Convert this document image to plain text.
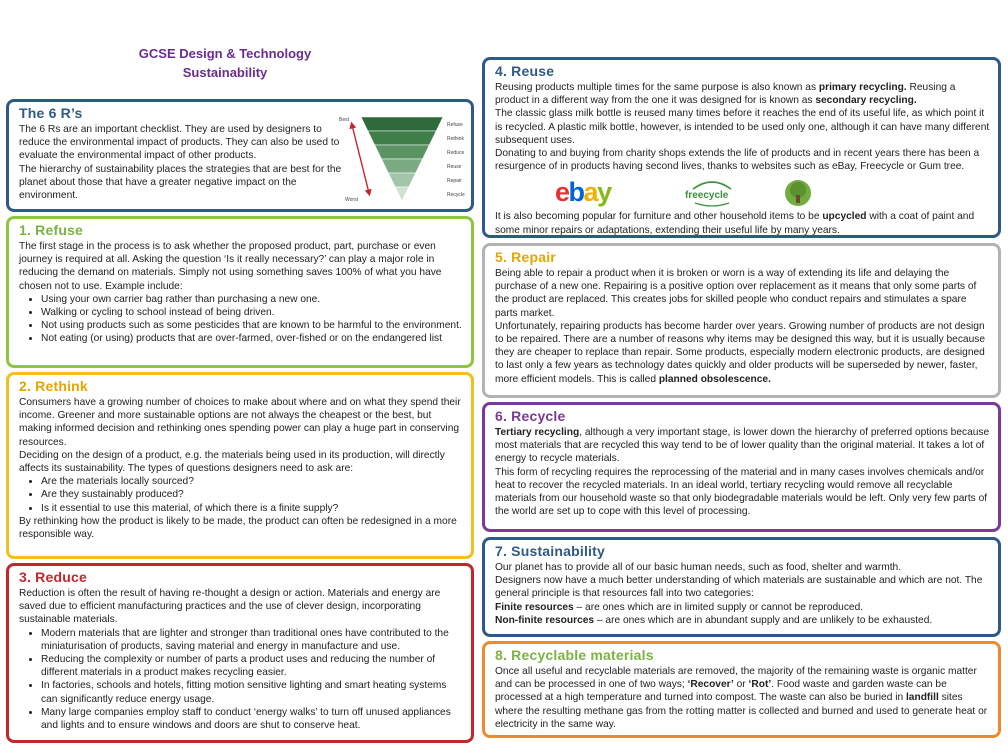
GCSE Design & Technology
Sustainability
The 6 R’s

The 6 Rs are an important checklist. They are used by designers to reduce the environmental impact of products. They can also be used to evaluate the environmental impact of other products.

The hierarchy of sustainability places the strategies that are best for the planet about those that have a greater negative impact on the environment.

Best
Worst
Refuse
Rethink
Reduce
Reuse
Repair
Recycle
1. Refuse

The first stage in the process is to ask whether the proposed product, part, purchase or even journey is required at all. Asking the question ‘Is it really necessary?’ can play a major role in reducing the demand on materials. Simply not using something saves 100% of what you have chosen not to use. Example include:

• Using your own carrier bag rather than purchasing a new one.
• Walking or cycling to school instead of being driven.
• Not using products such as some pesticides that are known to be harmful to the environment.
• Not eating (or using) products that are over-farmed, over-fished or on the endangered list
2. Rethink

Consumers have a growing number of choices to make about where and on what they spend their income. Greener and more sustainable options are not always the cheapest or the best, but making informed decision and rethinking ones spending power can play a huge part in conserving resources.

Deciding on the design of a product, e.g. the materials being used in its production, will directly affects its sustainability. The types of questions designers need to ask are:

• Are the materials locally sourced?
• Are they sustainably produced?
• Is it essential to use this material, of which there is a finite supply?

By rethinking how the product is likely to be made, the product can often be redesigned in a more responsible way.

3. Reduce

Reduction is often the result of having re-thought a design or action. Materials and energy are saved due to efficient manufacturing practices and the use of clever design, incorporating sustainable materials.

• Modern materials that are lighter and stronger than traditional ones have contributed to the miniaturisation of products, saving material and energy in manufacture and use.
• Reducing the complexity or number of parts a product uses and reducing the number of different materials in a product makes recycling easier.
• In factories, schools and hotels, fitting motion sensitive lighting and smart heating systems can significantly reduce energy usage.
• Many large companies employ staff to conduct ‘energy walks’ to turn off unused appliances and lights and to ensure windows and doors are shut to conserve heat.
4. Reuse

Reusing products multiple times for the same purpose is also known as primary recycling. Reusing a product in a different way from the one it was designed for is known as secondary recycling.

The classic glass milk bottle is reused many times before it reaches the end of its useful life, as which point it is recycled. A plastic milk bottle, however, is intended to be used only one, although it can have many different subsequent uses.

Donating to and buying from charity shops extends the life of products and in recent years there has been a resurgence of in products having second lives, thanks to websites such as eBay, Freecycle or Gum tree.

ebay	freecycle

It is also becoming popular for furniture and other household items to be upcycled with a coat of paint and some minor repairs or adaptations, extending their useful life by many years.

5. Repair

Being able to repair a product when it is broken or worn is a way of extending its life and delaying the purchase of a new one. Repairing is a positive option over replacement as it means that only some parts of the product are replaced. This creates jobs for skilled people who conduct repairs and stimulates a spare parts market.

Unfortunately, repairing products has become harder over years. Growing number of products are not design to be repaired. There are a number of reasons why items may be designed this way, but it is usually because they are cheaper to replace than repair. Some products, especially modern electronic products, are designed to last only a few years as technology dates quickly and older products will be superseded by newer, faster, more efficient models. This is called planned obsolescence.

6. Recycle

Tertiary recycling, although a very important stage, is lower down the hierarchy of preferred options because most materials that are recycled this way tend to be of lower quality than the original material. It takes a lot of energy to recycle materials.

This form of recycling requires the reprocessing of the material and in many cases involves chemicals and/or heat to recover the recycled materials. In an ideal world, tertiary recycling would remove all recyclable materials from our household waste so that only biodegradable materials would be left. Only very few parts of the world are set up to cope with this level of processing.

7. Sustainability

Our planet has to provide all of our basic human needs, such as food, shelter and warmth.

Designers now have a much better understanding of which materials are sustainable and which are not. The general principle is that resources fall into two categories:

Finite resources – are ones which are in limited supply or cannot be reproduced.

Non-finite resources – are ones which are in abundant supply and are unlikely to be exhausted.

8. Recyclable materials

Once all useful and recyclable materials are removed, the majority of the remaining waste is organic matter and can be processed in one of two ways; ‘Recover’ or ‘Rot’. Food waste and garden waste can be processed at a high temperature and turned into compost. The waste can also be buried in landfill sites where the resulting methane gas from the rotting matter is collected and burned and used to generate heat or electricity in the same way.
